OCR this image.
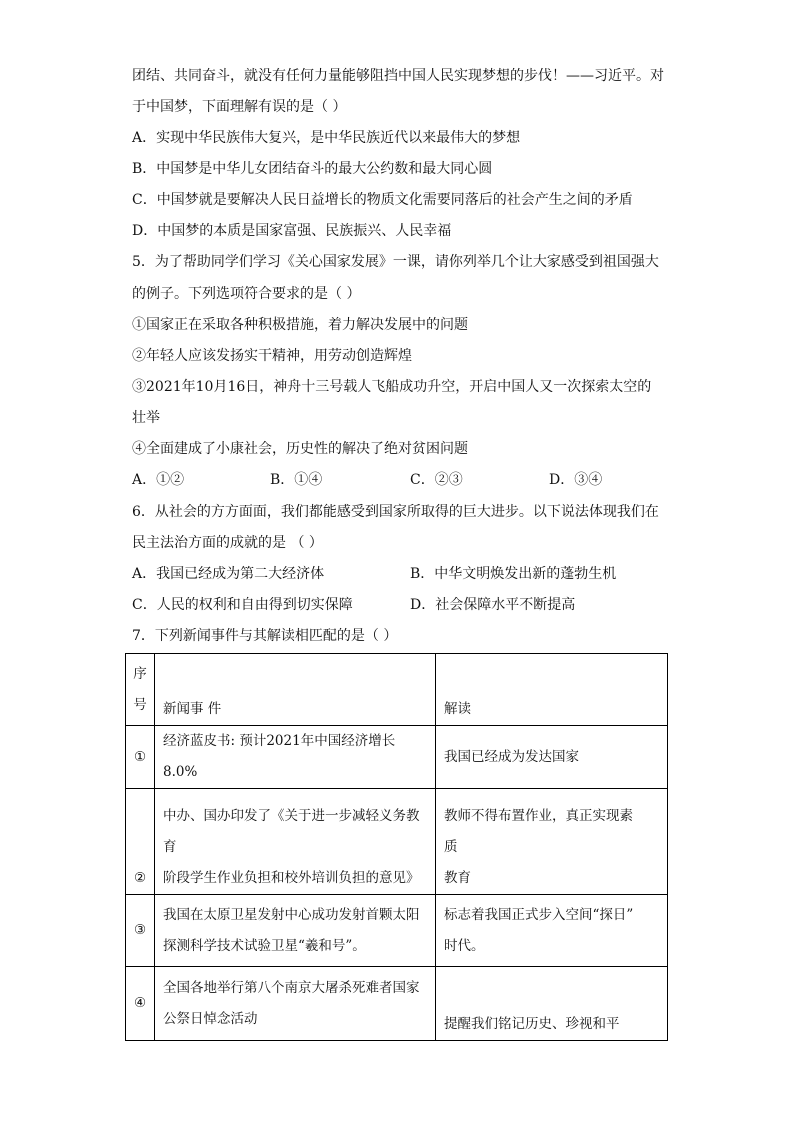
团结、共同奋斗，就没有任何力量能够阻挡中国人民实现梦想的步伐！——习近平。对
于中国梦，下面理解有误的是（ ）
A．实现中华民族伟大复兴，是中华民族近代以来最伟大的梦想
B．中国梦是中华儿女团结奋斗的最大公约数和最大同心圆
C．中国梦就是要解决人民日益增长的物质文化需要同落后的社会产生之间的矛盾
D．中国梦的本质是国家富强、民族振兴、人民幸福
5．为了帮助同学们学习《关心国家发展》一课，请你列举几个让大家感受到祖国强大
的例子。下列选项符合要求的是（ ）
①国家正在采取各种积极措施，着力解决发展中的问题
②年轻人应该发扬实干精神，用劳动创造辉煌
③2021年10月16日，神舟十三号载人飞船成功升空，开启中国人又一次探索太空的
壮举
④全面建成了小康社会，历史性的解决了绝对贫困问题
A．①②	B．①④	C．②③	D．③④
6．从社会的方方面面，我们都能感受到国家所取得的巨大进步。以下说法体现我们在
民主法治方面的成就的是 （ ）
A．我国已经成为第二大经济体	B．中华文明焕发出新的蓬勃生机
C．人民的权利和自由得到切实保障	D．社会保障水平不断提高
7．下列新闻事件与其解读相匹配的是（ ）
序
号	新闻事 件	解读

①	经济蓝皮书: 预计2021年中国经济增长8.0%	我国已经成为发达国家

②	中办、国办印发了《关于进一步减轻义务教
育
阶段学生作业负担和校外培训负担的意见》	教师不得布置作业，真正实现素
质
教育

③	我国在太原卫星发射中心成功发射首颗太阳
探测科学技术试验卫星“羲和号”。	标志着我国正式步入空间“探日”
时代。

④	全国各地举行第八个南京大屠杀死难者国家
公祭日悼念活动	提醒我们铭记历史、珍视和平
